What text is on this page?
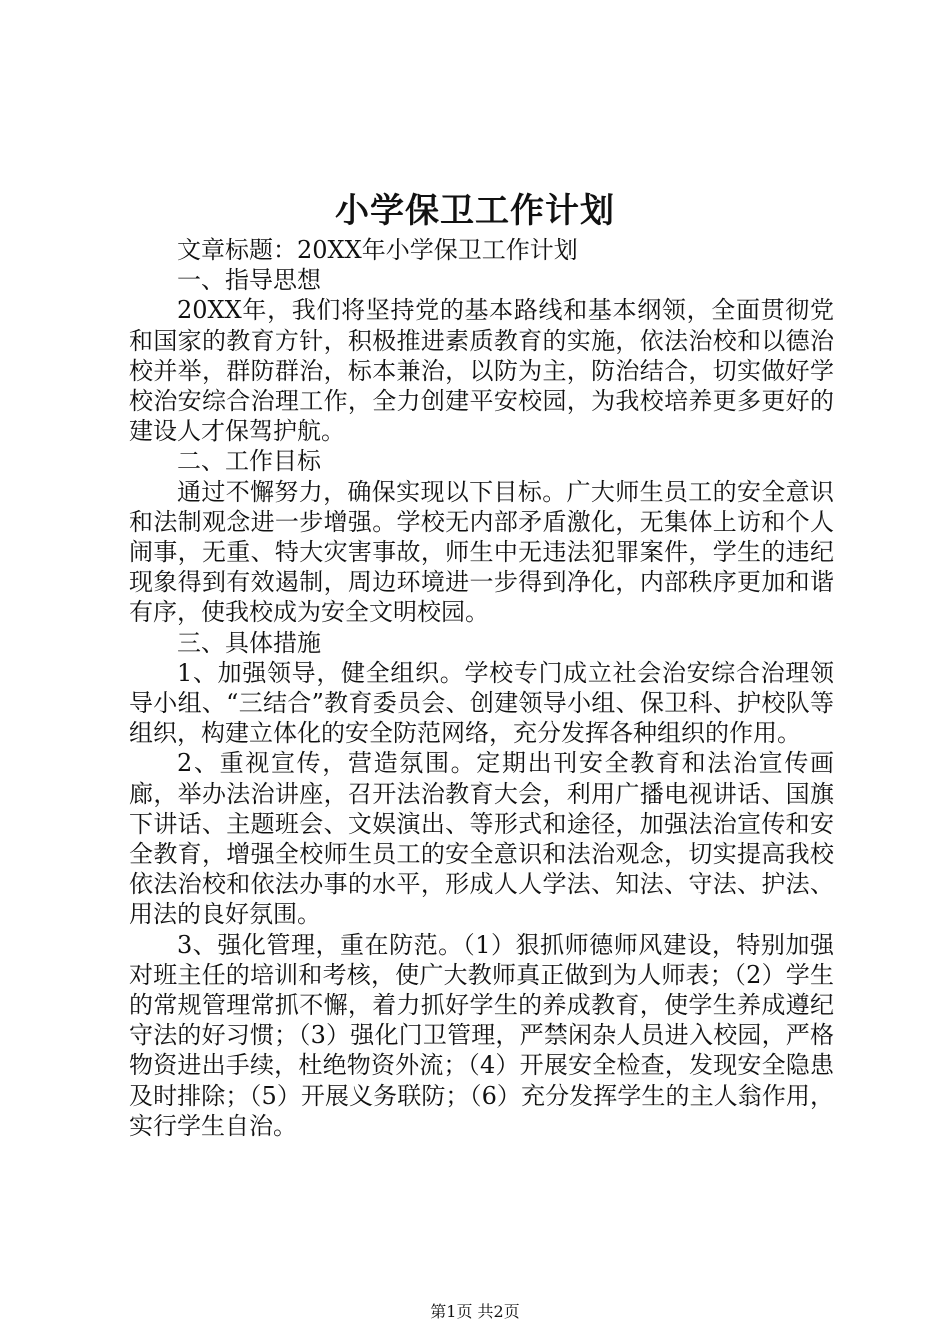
小学保卫工作计划

文章标题：20XX年小学保卫工作计划

一、指导思想

20XX年，我们将坚持党的基本路线和基本纲领，全面贯彻党和国家的教育方针，积极推进素质教育的实施，依法治校和以德治校并举，群防群治，标本兼治，以防为主，防治结合，切实做好学校治安综合治理工作，全力创建平安校园，为我校培养更多更好的建设人才保驾护航。

二、工作目标

通过不懈努力，确保实现以下目标。广大师生员工的安全意识和法制观念进一步增强。学校无内部矛盾激化，无集体上访和个人闹事，无重、特大灾害事故，师生中无违法犯罪案件，学生的违纪现象得到有效遏制，周边环境进一步得到净化，内部秩序更加和谐有序，使我校成为安全文明校园。

三、具体措施

1、加强领导，健全组织。学校专门成立社会治安综合治理领导小组、“三结合”教育委员会、创建领导小组、保卫科、护校队等组织，构建立体化的安全防范网络，充分发挥各种组织的作用。

2、重视宣传，营造氛围。定期出刊安全教育和法治宣传画廊，举办法治讲座，召开法治教育大会，利用广播电视讲话、国旗下讲话、主题班会、文娱演出、等形式和途径，加强法治宣传和安全教育，增强全校师生员工的安全意识和法治观念，切实提高我校依法治校和依法办事的水平，形成人人学法、知法、守法、护法、用法的良好氛围。

3、强化管理，重在防范。（1）狠抓师德师风建设，特别加强对班主任的培训和考核，使广大教师真正做到为人师表；（2）学生的常规管理常抓不懈，着力抓好学生的养成教育，使学生养成遵纪守法的好习惯；（3）强化门卫管理，严禁闲杂人员进入校园，严格物资进出手续，杜绝物资外流；（4）开展安全检查，发现安全隐患及时排除；（5）开展义务联防；（6）充分发挥学生的主人翁作用，实行学生自治。

第1页 共2页
